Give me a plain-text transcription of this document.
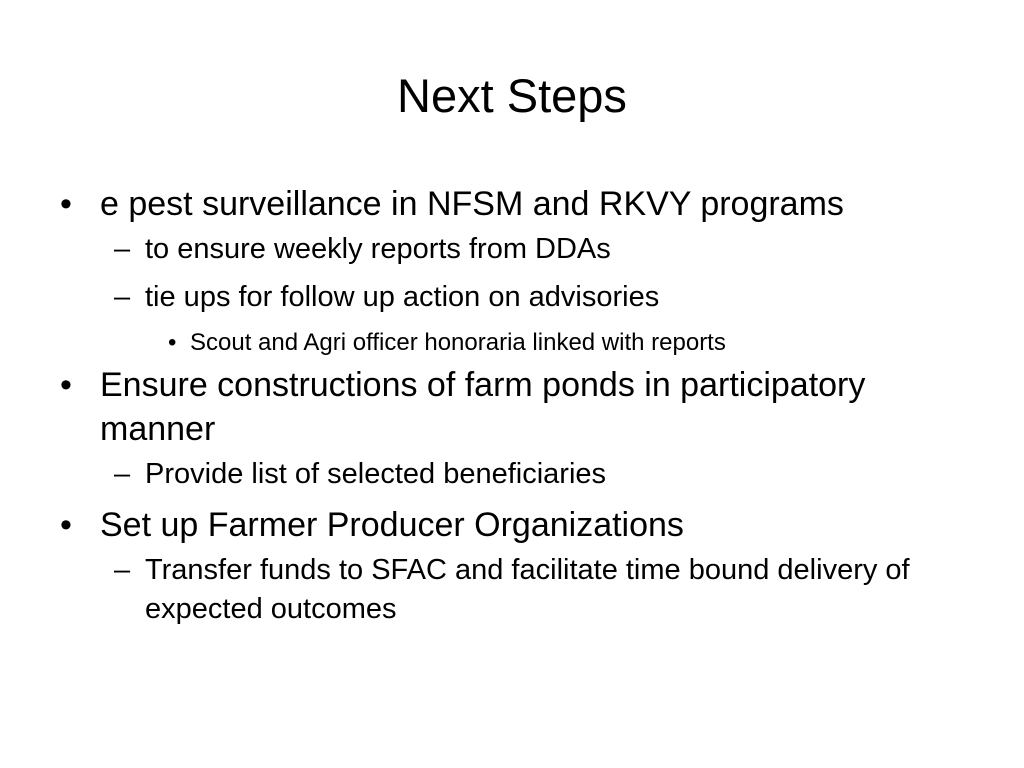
Next Steps
• e pest surveillance in NFSM and RKVY programs
– to ensure weekly reports from DDAs
– tie ups for follow up action on advisories
• Scout and Agri officer honoraria linked with reports
• Ensure constructions of farm ponds in participatory manner
– Provide list of selected beneficiaries
• Set up Farmer Producer Organizations
– Transfer funds to SFAC and facilitate time bound delivery of expected outcomes
